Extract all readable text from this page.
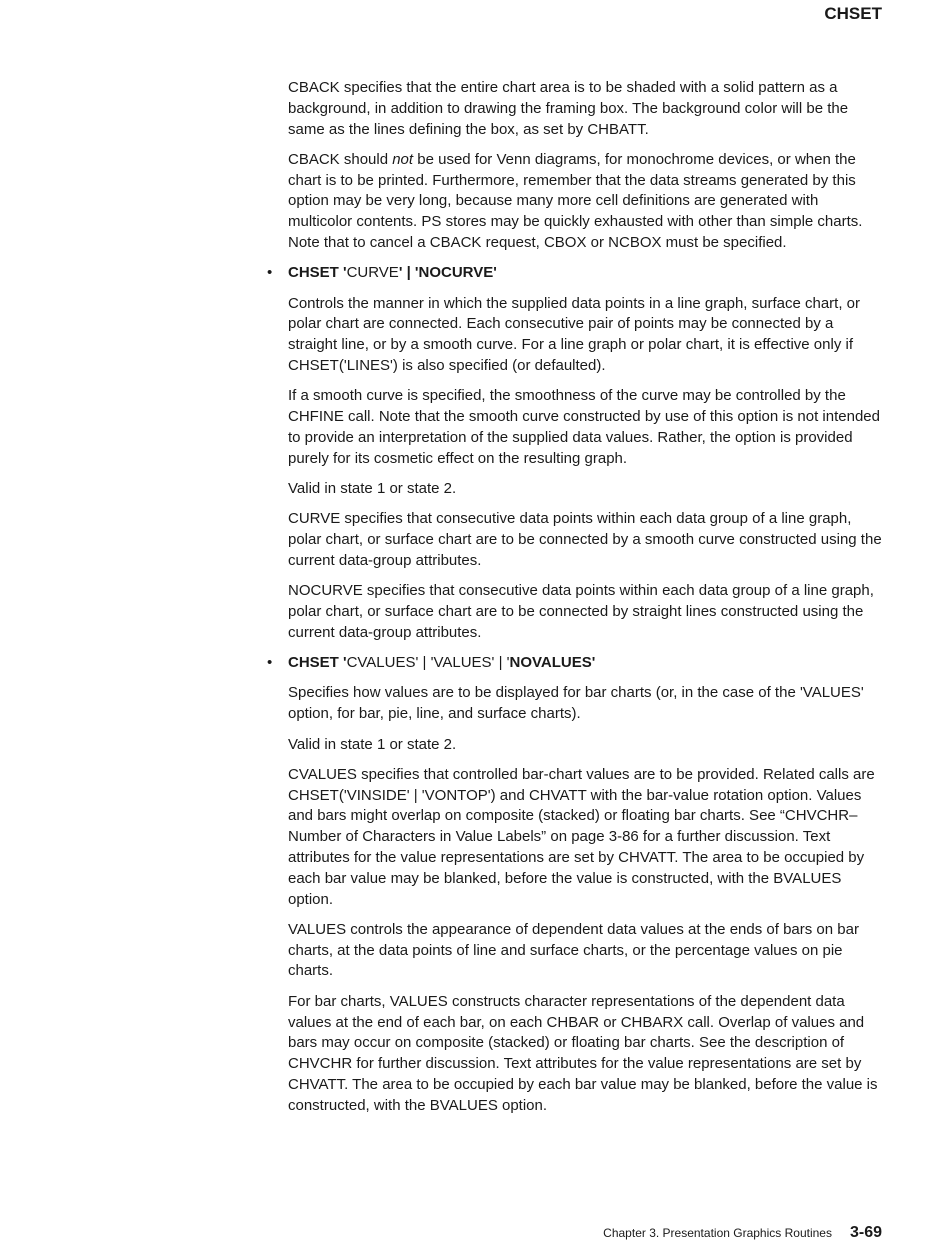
CHSET

CBACK specifies that the entire chart area is to be shaded with a solid pattern as a background, in addition to drawing the framing box. The background color will be the same as the lines defining the box, as set by CHBATT.

CBACK should not be used for Venn diagrams, for monochrome devices, or when the chart is to be printed. Furthermore, remember that the data streams generated by this option may be very long, because many more cell definitions are generated with multicolor contents. PS stores may be quickly exhausted with other than simple charts. Note that to cancel a CBACK request, CBOX or NCBOX must be specified.

• CHSET 'CURVE' | 'NOCURVE'

Controls the manner in which the supplied data points in a line graph, surface chart, or polar chart are connected. Each consecutive pair of points may be connected by a straight line, or by a smooth curve. For a line graph or polar chart, it is effective only if CHSET('LINES') is also specified (or defaulted).

If a smooth curve is specified, the smoothness of the curve may be controlled by the CHFINE call. Note that the smooth curve constructed by use of this option is not intended to provide an interpretation of the supplied data values. Rather, the option is provided purely for its cosmetic effect on the resulting graph.

Valid in state 1 or state 2.

CURVE specifies that consecutive data points within each data group of a line graph, polar chart, or surface chart are to be connected by a smooth curve constructed using the current data-group attributes.

NOCURVE specifies that consecutive data points within each data group of a line graph, polar chart, or surface chart are to be connected by straight lines constructed using the current data-group attributes.

• CHSET 'CVALUES' | 'VALUES' | 'NOVALUES'

Specifies how values are to be displayed for bar charts (or, in the case of the 'VALUES' option, for bar, pie, line, and surface charts).

Valid in state 1 or state 2.

CVALUES specifies that controlled bar-chart values are to be provided. Related calls are CHSET('VINSIDE' | 'VONTOP') and CHVATT with the bar-value rotation option. Values and bars might overlap on composite (stacked) or floating bar charts. See “CHVCHR–Number of Characters in Value Labels” on page 3-86 for a further discussion. Text attributes for the value representations are set by CHVATT. The area to be occupied by each bar value may be blanked, before the value is constructed, with the BVALUES option.

VALUES controls the appearance of dependent data values at the ends of bars on bar charts, at the data points of line and surface charts, or the percentage values on pie charts.

For bar charts, VALUES constructs character representations of the dependent data values at the end of each bar, on each CHBAR or CHBARX call. Overlap of values and bars may occur on composite (stacked) or floating bar charts. See the description of CHVCHR for further discussion. Text attributes for the value representations are set by CHVATT. The area to be occupied by each bar value may be blanked, before the value is constructed, with the BVALUES option.

Chapter 3. Presentation Graphics Routines 3-69
